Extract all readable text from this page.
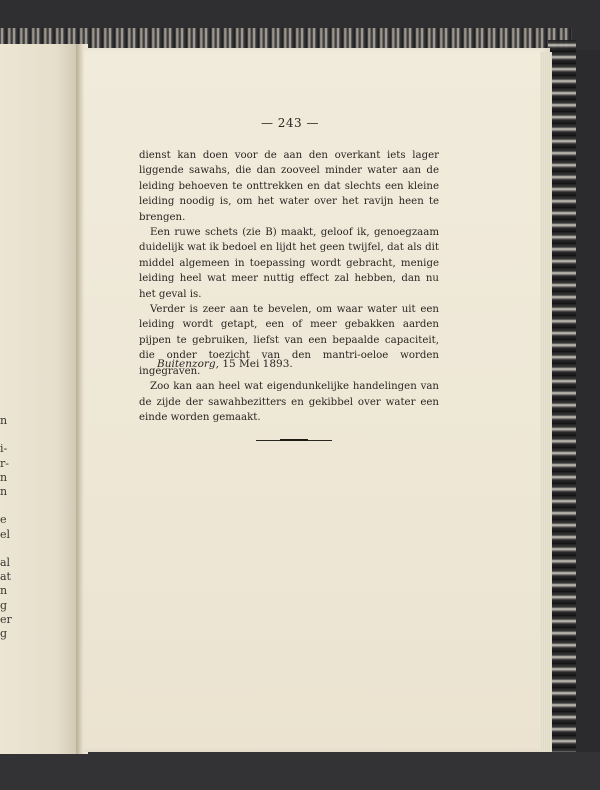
n

i-
r-
n
n

e
el

al
at
n
g
er
g
— 243 —

dienst kan doen voor de aan den overkant iets lager liggende sawahs, die dan zooveel minder water aan de leiding behoeven te onttrekken en dat slechts een kleine leiding noodig is, om het water over het ravijn heen te brengen.

Een ruwe schets (zie B) maakt, geloof ik, genoegzaam duidelijk wat ik bedoel en lijdt het geen twijfel, dat als dit middel algemeen in toepassing wordt gebracht, menige leiding heel wat meer nuttig effect zal hebben, dan nu het geval is.

Verder is zeer aan te bevelen, om waar water uit een leiding wordt getapt, een of meer gebakken aarden pijpen te gebruiken, liefst van een bepaalde capaciteit, die onder toezicht van den mantri-oeloe worden ingegraven.

Zoo kan aan heel wat eigendunkelijke handelingen van de zijde der sawahbezitters en gekibbel over water een einde worden gemaakt.

Buitenzorg, 15 Mei 1893.
